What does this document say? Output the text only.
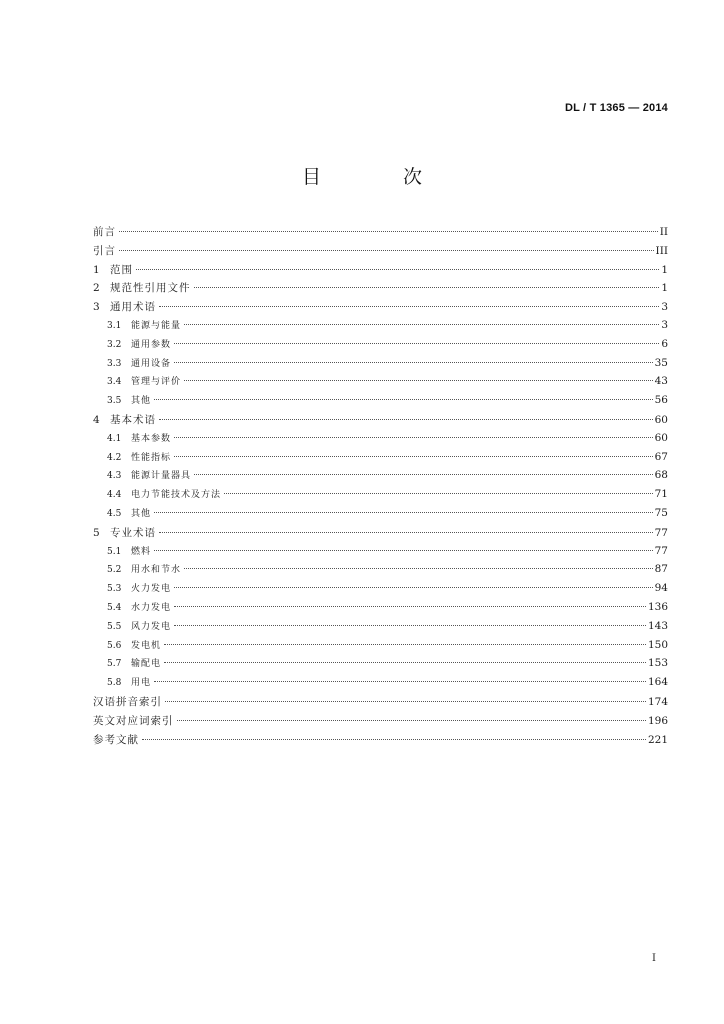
DL / T 1365 — 2014
目 次
前言	II
引言	III
1 范围	1
2 规范性引用文件	1
3 通用术语	3
3.1	能源与能量	3
3.2	通用参数	6
3.3	通用设备	35
3.4	管理与评价	43
3.5	其他	56
4 基本术语	60
4.1	基本参数	60
4.2	性能指标	67
4.3	能源计量器具	68
4.4	电力节能技术及方法	71
4.5	其他	75
5 专业术语	77
5.1	燃料	77
5.2	用水和节水	87
5.3	火力发电	94
5.4	水力发电	136
5.5	风力发电	143
5.6	发电机	150
5.7	输配电	153
5.8	用电	164
汉语拼音索引	174
英文对应词索引	196
参考文献	221
I
